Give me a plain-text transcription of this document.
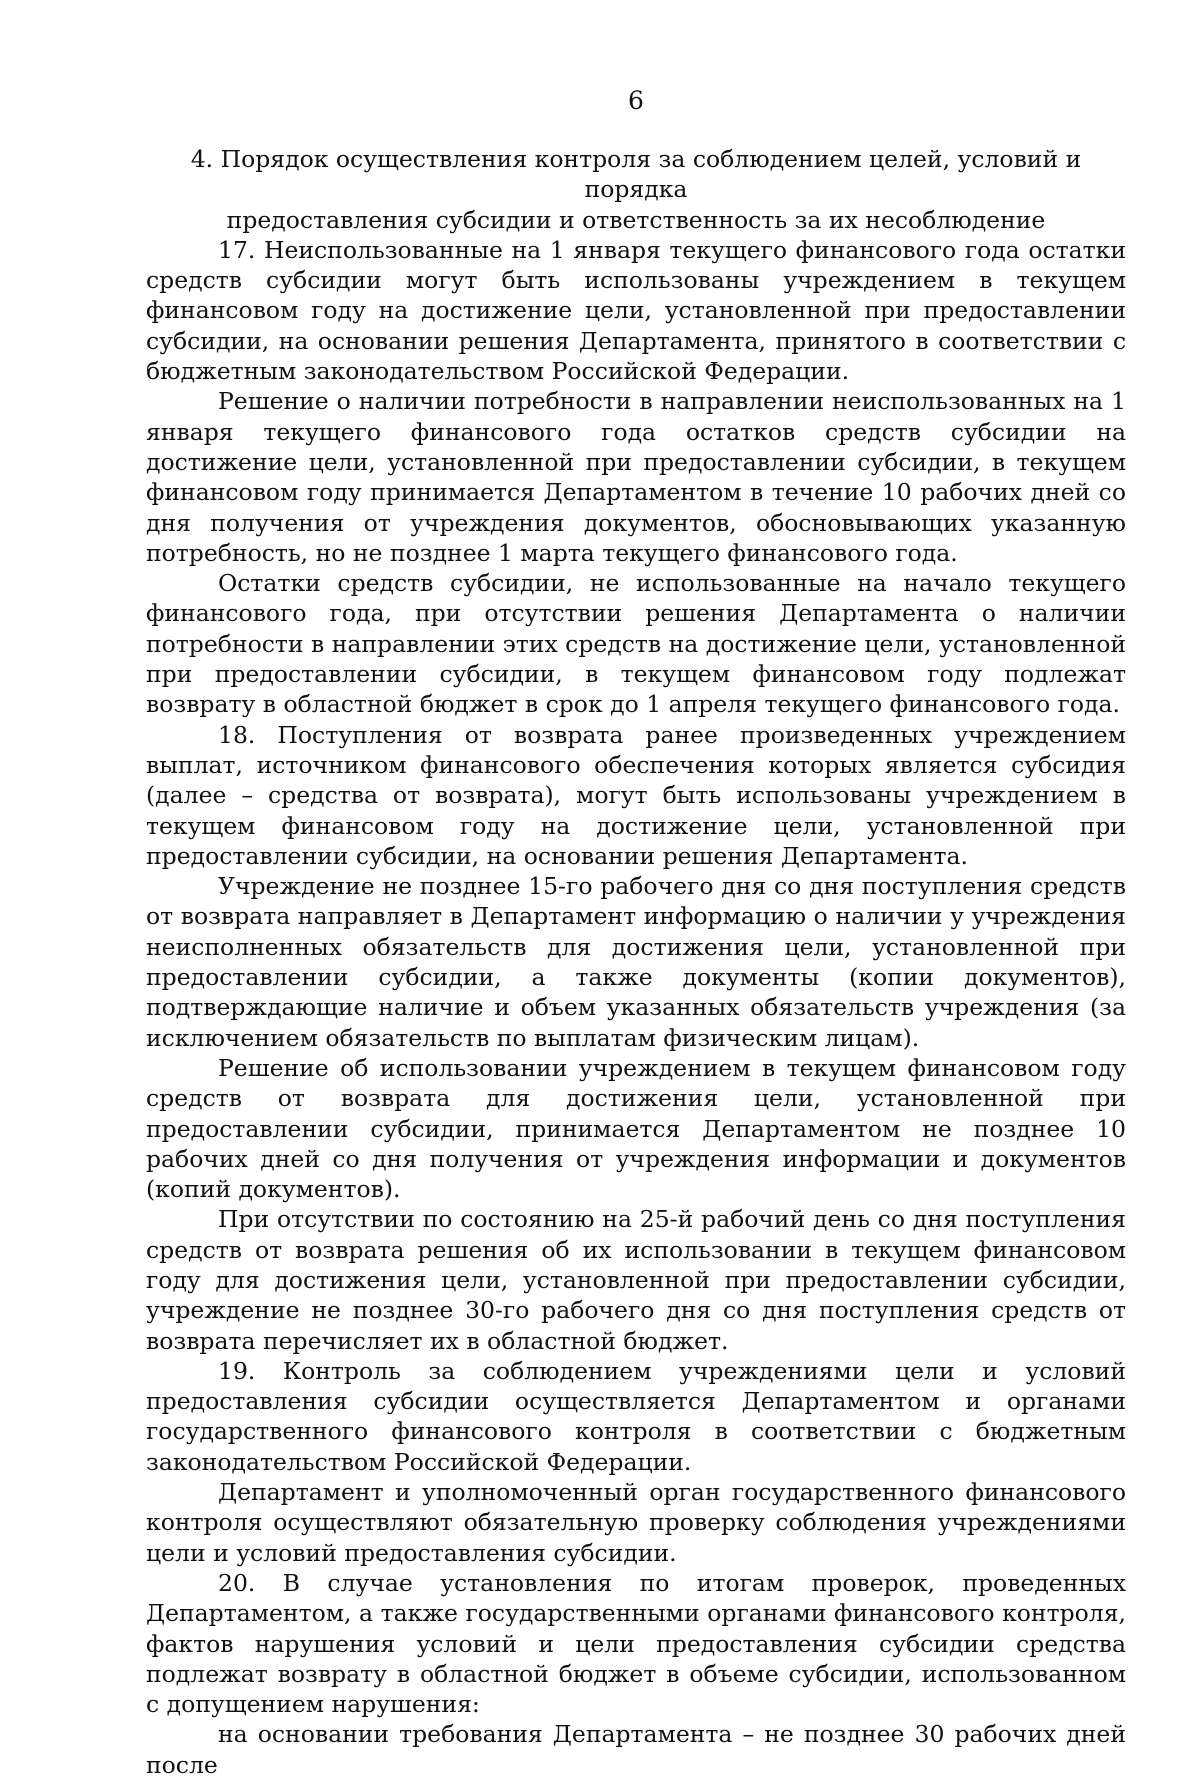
6
4. Порядок осуществления контроля за соблюдением целей, условий и порядка
предоставления субсидии и ответственность за их несоблюдение

17. Неиспользованные на 1 января текущего финансового года остатки средств субсидии могут быть использованы учреждением в текущем финансовом году на достижение цели, установленной при предоставлении субсидии, на основании решения Департамента, принятого в соответствии с бюджетным законодательством Российской Федерации.

Решение о наличии потребности в направлении неиспользованных на 1 января текущего финансового года остатков средств субсидии на достижение цели, установленной при предоставлении субсидии, в текущем финансовом году принимается Департаментом в течение 10 рабочих дней со дня получения от учреждения документов, обосновывающих указанную потребность, но не позднее 1 марта текущего финансового года.

Остатки средств субсидии, не использованные на начало текущего финансового года, при отсутствии решения Департамента о наличии потребности в направлении этих средств на достижение цели, установленной при предоставлении субсидии, в текущем финансовом году подлежат возврату в областной бюджет в срок до 1 апреля текущего финансового года.

18. Поступления от возврата ранее произведенных учреждением выплат, источником финансового обеспечения которых является субсидия (далее – средства от возврата), могут быть использованы учреждением в текущем финансовом году на достижение цели, установленной при предоставлении субсидии, на основании решения Департамента.

Учреждение не позднее 15-го рабочего дня со дня поступления средств от возврата направляет в Департамент информацию о наличии у учреждения неисполненных обязательств для достижения цели, установленной при предоставлении субсидии, а также документы (копии документов), подтверждающие наличие и объем указанных обязательств учреждения (за исключением обязательств по выплатам физическим лицам).

Решение об использовании учреждением в текущем финансовом году средств от возврата для достижения цели, установленной при предоставлении субсидии, принимается Департаментом не позднее 10 рабочих дней со дня получения от учреждения информации и документов (копий документов).

При отсутствии по состоянию на 25-й рабочий день со дня поступления средств от возврата решения об их использовании в текущем финансовом году для достижения цели, установленной при предоставлении субсидии, учреждение не позднее 30-го рабочего дня со дня поступления средств от возврата перечисляет их в областной бюджет.

19. Контроль за соблюдением учреждениями цели и условий предоставления субсидии осуществляется Департаментом и органами государственного финансового контроля в соответствии с бюджетным законодательством Российской Федерации.

Департамент и уполномоченный орган государственного финансового контроля осуществляют обязательную проверку соблюдения учреждениями цели и условий предоставления субсидии.

20. В случае установления по итогам проверок, проведенных Департаментом, а также государственными органами финансового контроля, фактов нарушения условий и цели предоставления субсидии средства подлежат возврату в областной бюджет в объеме субсидии, использованном с допущением нарушения:

на основании требования Департамента – не позднее 30 рабочих дней после
